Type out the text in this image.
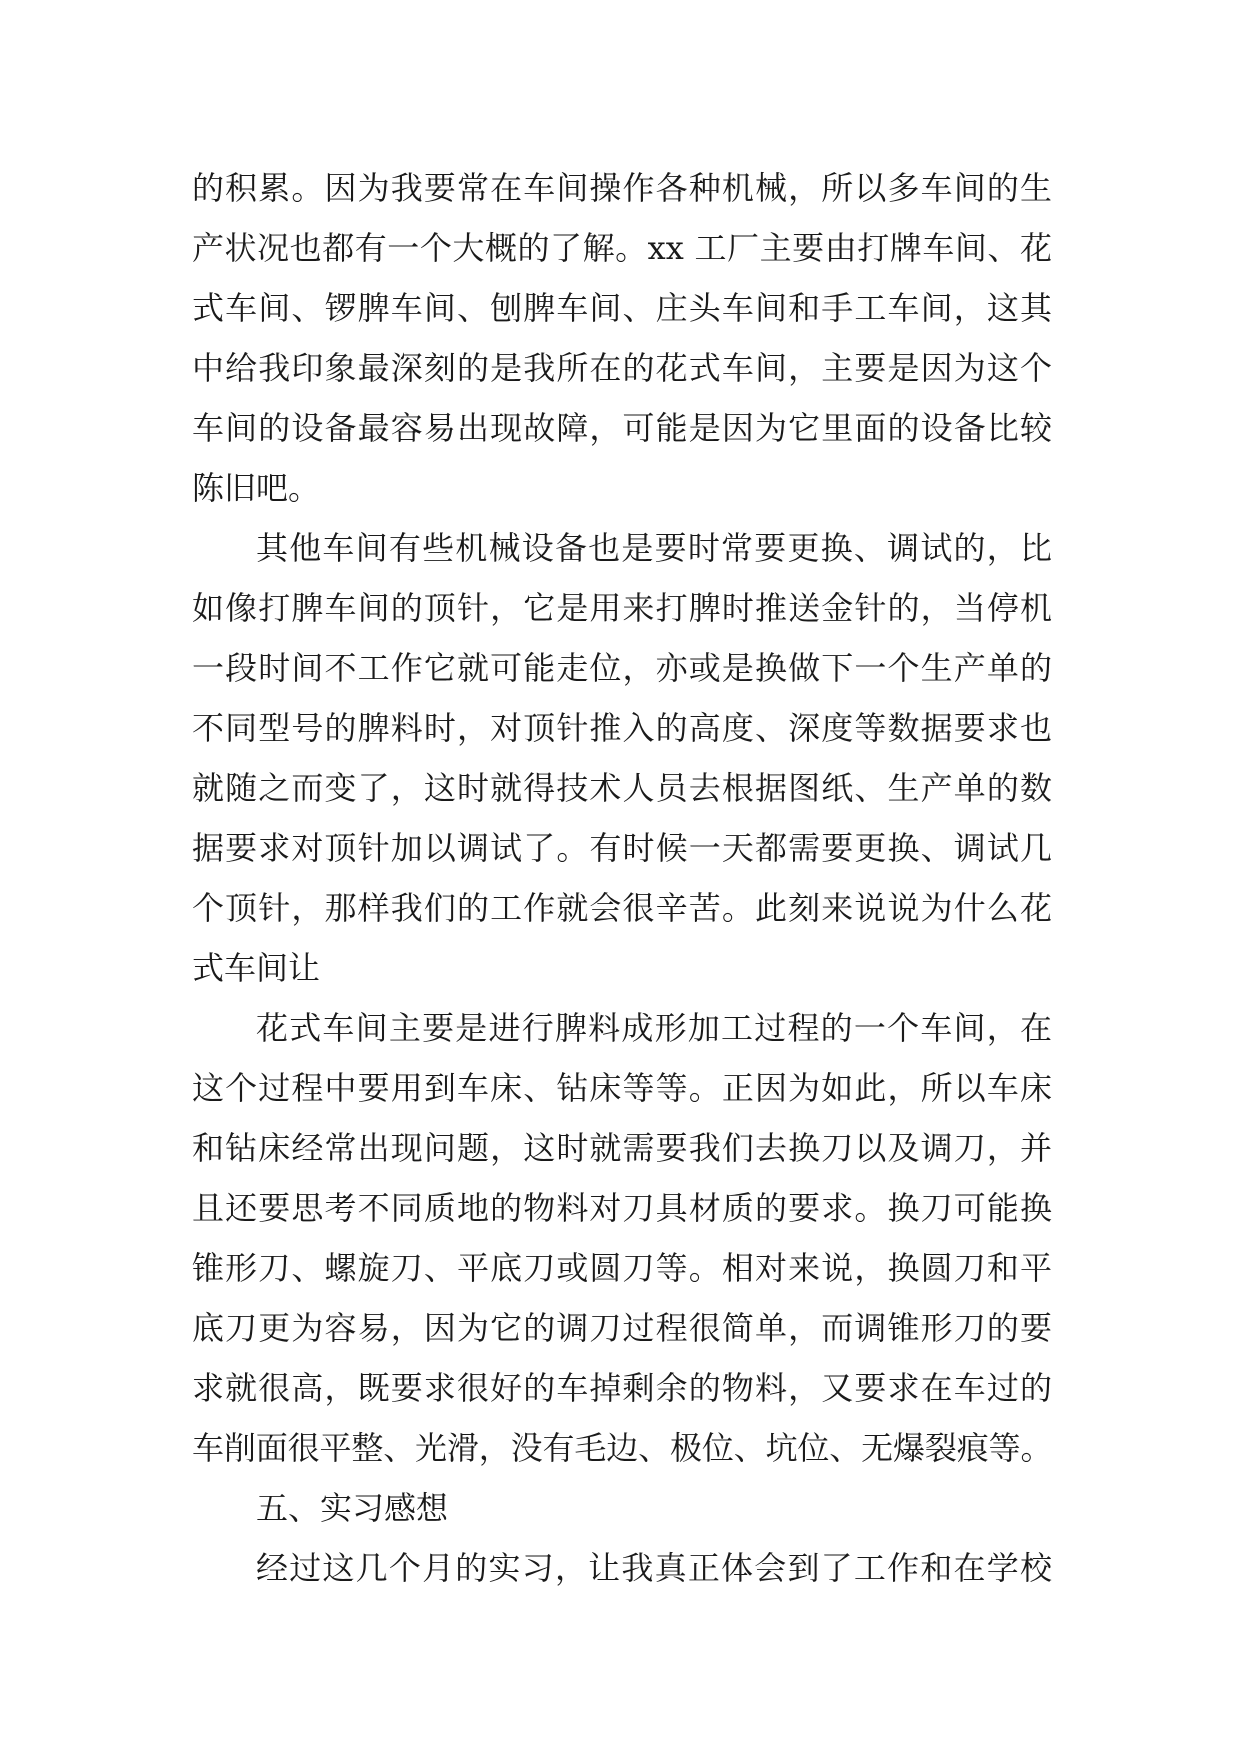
的积累。因为我要常在车间操作各种机械，所以多车间的生
产状况也都有一个大概的了解。xx 工厂主要由打牌车间、花
式车间、锣脾车间、刨脾车间、庄头车间和手工车间，这其
中给我印象最深刻的是我所在的花式车间，主要是因为这个
车间的设备最容易出现故障，可能是因为它里面的设备比较
陈旧吧。
其他车间有些机械设备也是要时常要更换、调试的，比
如像打脾车间的顶针，它是用来打脾时推送金针的，当停机
一段时间不工作它就可能走位，亦或是换做下一个生产单的
不同型号的脾料时，对顶针推入的高度、深度等数据要求也
就随之而变了，这时就得技术人员去根据图纸、生产单的数
据要求对顶针加以调试了。有时候一天都需要更换、调试几
个顶针，那样我们的工作就会很辛苦。此刻来说说为什么花
式车间让
花式车间主要是进行脾料成形加工过程的一个车间，在
这个过程中要用到车床、钻床等等。正因为如此，所以车床
和钻床经常出现问题，这时就需要我们去换刀以及调刀，并
且还要思考不同质地的物料对刀具材质的要求。换刀可能换
锥形刀、螺旋刀、平底刀或圆刀等。相对来说，换圆刀和平
底刀更为容易，因为它的调刀过程很简单，而调锥形刀的要
求就很高，既要求很好的车掉剩余的物料，又要求在车过的
车削面很平整、光滑，没有毛边、极位、坑位、无爆裂痕等。
五、实习感想
经过这几个月的实习，让我真正体会到了工作和在学校
